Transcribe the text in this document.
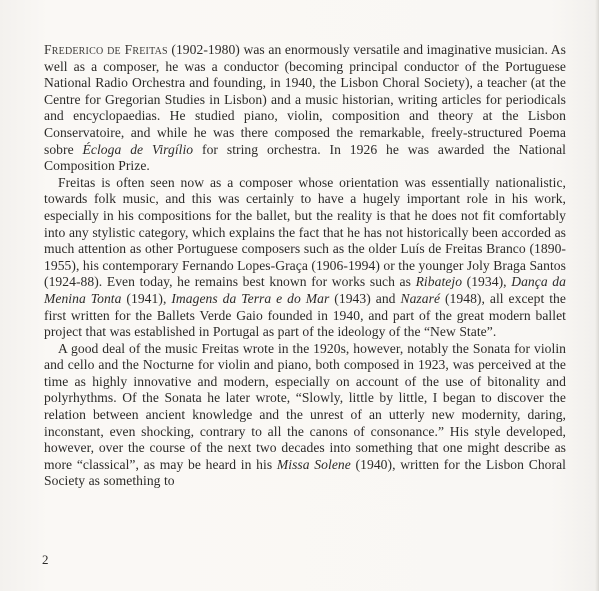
Frederico de Freitas (1902-1980) was an enormously versatile and imaginative musician. As well as a composer, he was a conductor (becoming principal conductor of the Portuguese National Radio Orchestra and founding, in 1940, the Lisbon Choral Society), a teacher (at the Centre for Gregorian Studies in Lisbon) and a music historian, writing articles for periodicals and encyclopaedias. He studied piano, violin, composition and theory at the Lisbon Conservatoire, and while he was there composed the remarkable, freely-structured Poema sobre Écloga de Virgílio for string orchestra. In 1926 he was awarded the National Composition Prize.

Freitas is often seen now as a composer whose orientation was essentially nationalistic, towards folk music, and this was certainly to have a hugely important role in his work, especially in his compositions for the ballet, but the reality is that he does not fit comfortably into any stylistic category, which explains the fact that he has not historically been accorded as much attention as other Portuguese composers such as the older Luís de Freitas Branco (1890-1955), his contemporary Fernando Lopes-Graça (1906-1994) or the younger Joly Braga Santos (1924-88). Even today, he remains best known for works such as Ribatejo (1934), Dança da Menina Tonta (1941), Imagens da Terra e do Mar (1943) and Nazaré (1948), all except the first written for the Ballets Verde Gaio founded in 1940, and part of the great modern ballet project that was established in Portugal as part of the ideology of the “New State”.

A good deal of the music Freitas wrote in the 1920s, however, notably the Sonata for violin and cello and the Nocturne for violin and piano, both composed in 1923, was perceived at the time as highly innovative and modern, especially on account of the use of bitonality and polyrhythms. Of the Sonata he later wrote, “Slowly, little by little, I began to discover the relation between ancient knowledge and the unrest of an utterly new modernity, daring, inconstant, even shocking, contrary to all the canons of consonance.” His style developed, however, over the course of the next two decades into something that one might describe as more “classical”, as may be heard in his Missa Solene (1940), written for the Lisbon Choral Society as something to

2
